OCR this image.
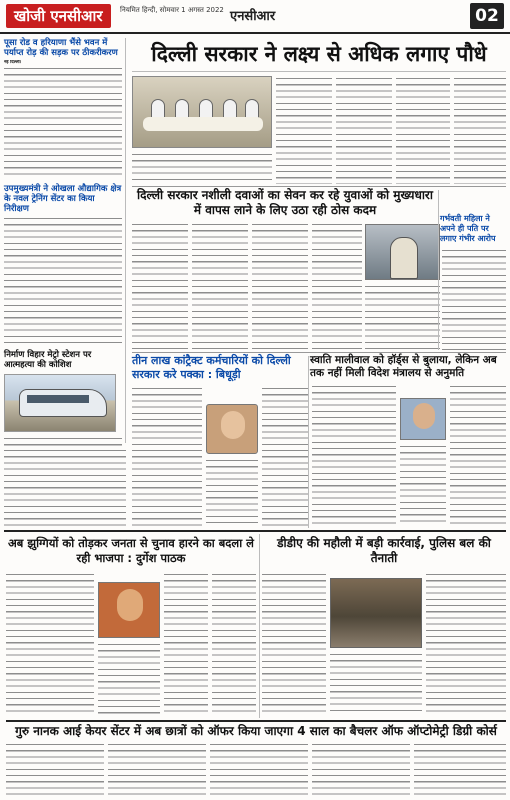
खोजी एनसीआर	नियमित हिन्दी, सोमवार 1 अगस्त 2022 एनसीआर	02
पूसा रोड व हरियाणा भैंसे भवन में पर्याप्त रोड़ की सड़क पर ठीकरीकरण
नई दिल्ली।
उपमुख्यमंत्री ने ओखला औद्यागिक क्षेत्र के नवल ट्रेनिंग सेंटर का किया निरीक्षण
निर्माण विहार मेट्रो स्टेशन पर आत्महत्या की कोशिश
दिल्ली सरकार ने लक्ष्य से अधिक लगाए पौधे
दिल्ली सरकार नशीली दवाओं का सेवन कर रहे युवाओं को मुख्यधारा में वापस लाने के लिए उठा रही ठोस कदम
गर्भवती महिला ने अपने ही पति पर लगाए गंभीर आरोप
तीन लाख कांट्रैक्ट कर्मचारियों को दिल्ली सरकार करे पक्का : बिधूड़ी
स्वाति मालीवाल को हॉर्ड्स से बुलाया, लेकिन अब तक नहीं मिली विदेश मंत्रालय से अनुमति
अब झुग्गियों को तोड़कर जनता से चुनाव हारने का बदला ले रही भाजपा : दुर्गेश पाठक
डीडीए की महौली में बड़ी कार्रवाई, पुलिस बल की तैनाती
गुरु नानक आई केयर सेंटर में अब छात्रों को ऑफर किया जाएगा 4 साल का बैचलर ऑफ ऑप्टोमेट्री डिग्री कोर्स
